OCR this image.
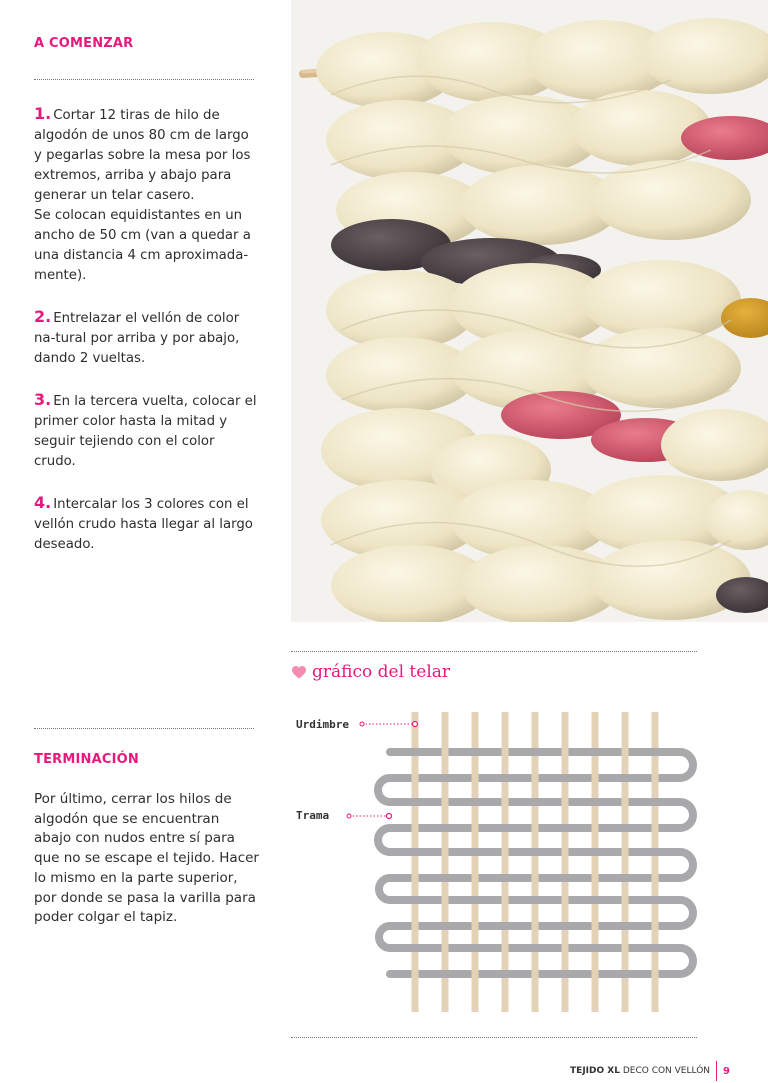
A COMENZAR

1. Cortar 12 tiras de hilo de algodón de unos 80 cm de largo y pegarlas sobre la mesa por los extremos, arriba y abajo para generar un telar casero.

Se colocan equidistantes en un ancho de 50 cm (van a quedar a una distancia 4 cm aproximada-mente).

2. Entrelazar el vellón de color na-tural por arriba y por abajo, dando 2 vueltas.

3. En la tercera vuelta, colocar el primer color hasta la mitad y seguir tejiendo con el color crudo.

4. Intercalar los 3 colores con el vellón crudo hasta llegar al largo deseado.

TERMINACIÓN
Por último, cerrar los hilos de algodón que se encuentran abajo con nudos entre sí para que no se escape el tejido. Hacer lo mismo en la parte superior, por donde se pasa la varilla para poder colgar el tapiz.
gráfico del telar
Urdimbre
Trama
TEJIDO XL
DECO CON VELLÓN 9
